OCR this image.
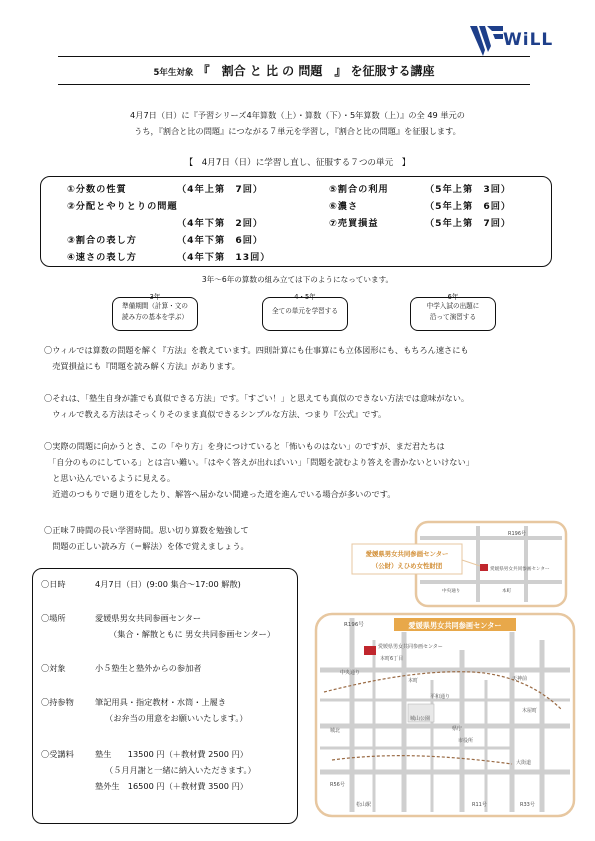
WiLL
5年生対象 『　割合 と 比 の 問題　』 を征服する講座
4月7日（日）に『予習シリーズ4年算数（上）・算数（下）・5年算数（上）』の全 49 単元の
うち，『割合と比の問題』につながる７単元を学習し，『割合と比の問題』を征服します。
【　4月7日（日）に学習し直し、征服する７つの単元　】
①分数の性質	（4年上第　7回）
②分配とやりとりの問題
（4年下第　2回）
③割合の表し方	（4年下第　6回）
④速さの表し方	（4年下第　13回）
⑤割合の利用	（5年上第　3回）
⑥濃さ	（5年上第　6回）
⑦売買損益	（5年上第　7回）
3年～6年の算数の組み立ては下のようになっています。
3年
準備期間（計算・文の
読み方の基本を学ぶ）
4・5年
全ての単元を学習する
6年
中学入試の出題に
沿って演習する
〇ウィルでは算数の問題を解く『方法』を教えています。四則計算にも仕事算にも立体図形にも、もちろん速さにも
　売買損益にも『問題を読み解く方法』があります。
〇それは、「塾生自身が誰でも真似できる方法」です。「すごい！」と思えても真似のできない方法では意味がない。
　ウィルで教える方法はそっくりそのまま真似できるシンプルな方法、つまり『公式』です。
〇実際の問題に向かうとき、この「やり方」を身につけていると「怖いものはない」のですが、まだ君たちは
　「自分のものにしている」とは言い難い。「はやく答えが出ればいい」「問題を読むより答えを書かないといけない」
　と思い込んでいるように見える。
　近道のつもりで廻り道をしたり、解答へ届かない間違った道を進んでいる場合が多いのです。
〇正味７時間の長い学習時間。思い切り算数を勉強して
　問題の正しい読み方（＝解法）を体で覚えましょう。
〇日時	4月7日（日）(9:00 集合～17:00 解散)
〇場所	愛媛県男女共同参画センター
（集合・解散ともに 男女共同参画センター）
〇対象	小５塾生と塾外からの参加者
〇持参物	筆記用具・指定教材・水筒・上履き
（お弁当の用意をお願いいたします。）
〇受講料	塾生　　13500 円（＋教材費 2500 円）
（５月月謝と一緒に納入いただきます。）
塾外生　16500 円（＋教材費 3500 円）
愛媛県男女共同参画センター
R196号
愛媛県男女共同参画センター
本町6丁目
中央通り
平和通り
天神前
城山公園
県庁
市役所
木屋町
城北
松山駅	R11号	R33号
R56号
本町
大街道
R196号
愛媛県男女共同参画センター
中央通り	本町
愛媛県男女共同参画センター
（公財）えひめ女性財団
